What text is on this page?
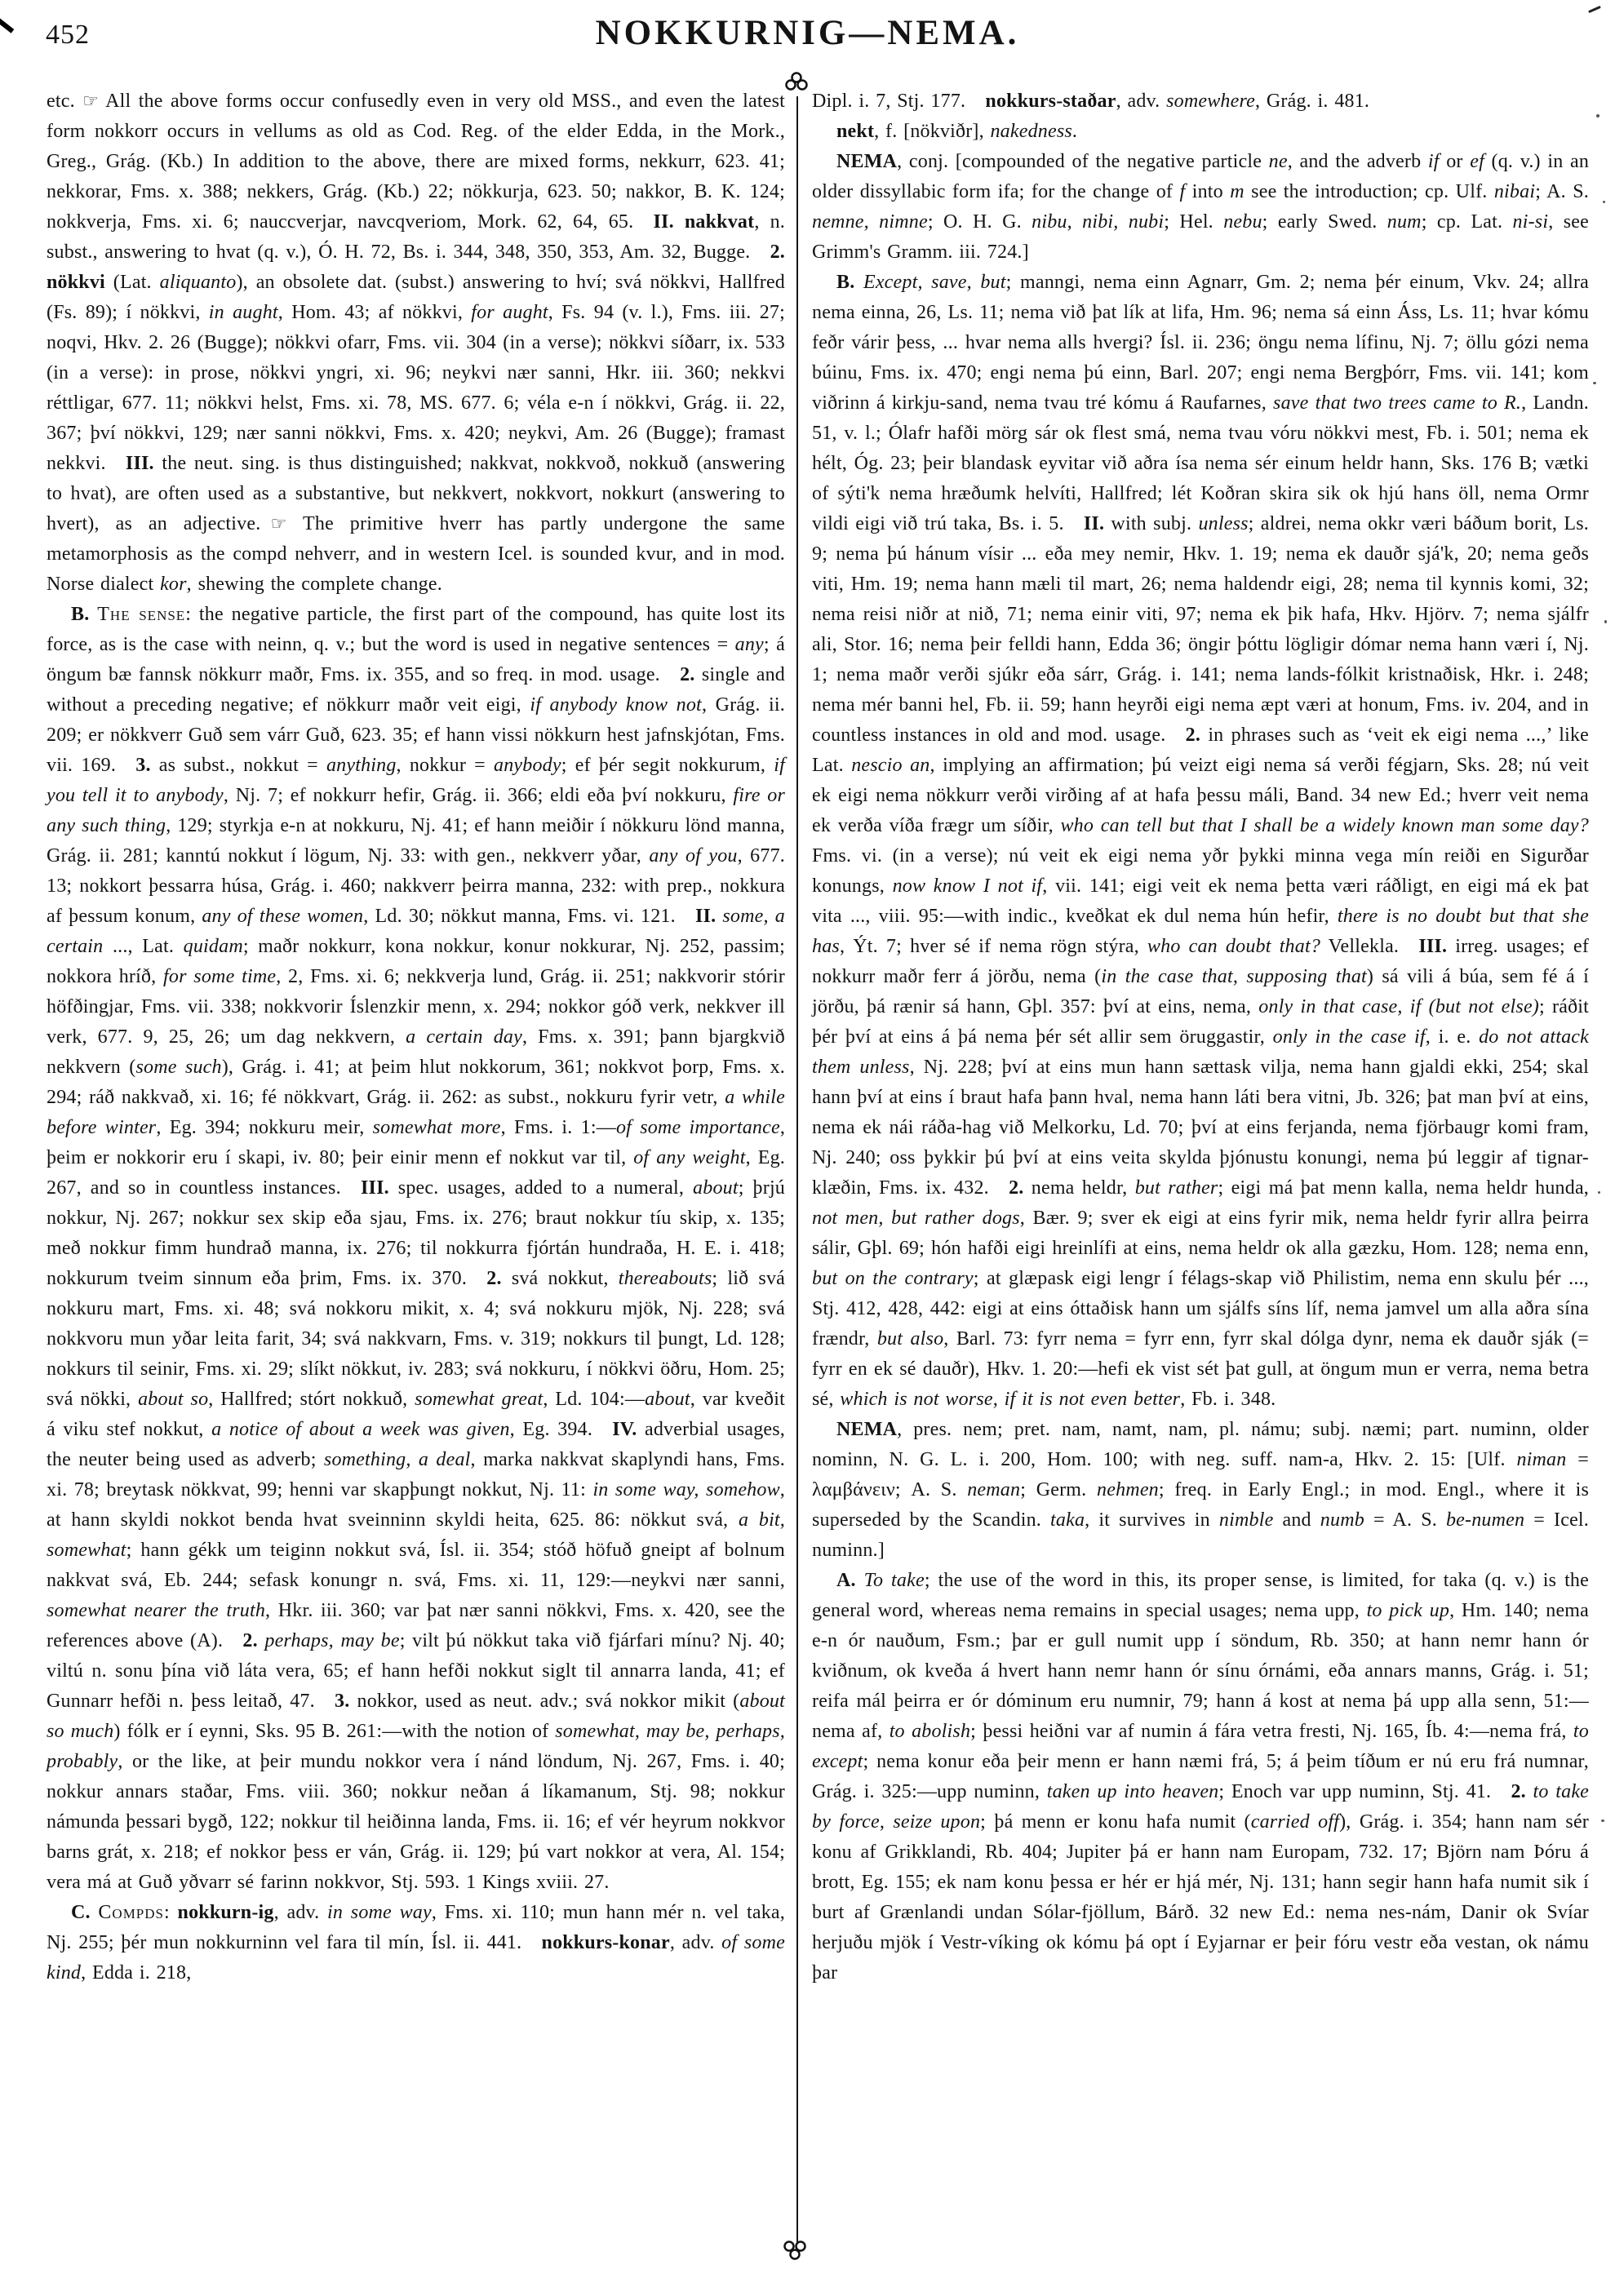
452	NOKKURNIG—NEMA.

etc. ☞ All the above forms occur confusedly even in very old MSS., and even the latest form nokkorr occurs in vellums as old as Cod. Reg. of the elder Edda, in the Mork., Greg., Grág. (Kb.) In addition to the above, there are mixed forms, nekkurr, 623. 41; nekkorar, Fms. x. 388; nekkers, Grág. (Kb.) 22; nökkurja, 623. 50; nakkor, B. K. 124; nokkverja, Fms. xi. 6; nauccverjar, navcqveriom, Mork. 62, 64, 65. II. nakkvat, n. subst., answering to hvat (q. v.), Ó. H. 72, Bs. i. 344, 348, 350, 353, Am. 32, Bugge. 2. nökkvi (Lat. aliquanto), an obsolete dat. (subst.) answering to hví; svá nökkvi, Hallfred (Fs. 89); í nökkvi, in aught, Hom. 43; af nökkvi, for aught, Fs. 94 (v. l.), Fms. iii. 27; noqvi, Hkv. 2. 26 (Bugge); nökkvi ofarr, Fms. vii. 304 (in a verse); nökkvi síðarr, ix. 533 (in a verse): in prose, nökkvi yngri, xi. 96; neykvi nær sanni, Hkr. iii. 360; nekkvi réttligar, 677. 11; nökkvi helst, Fms. xi. 78, MS. 677. 6; véla e-n í nökkvi, Grág. ii. 22, 367; því nökkvi, 129; nær sanni nökkvi, Fms. x. 420; neykvi, Am. 26 (Bugge); framast nekkvi. III. the neut. sing. is thus distinguished; nakkvat, nokkvoð, nokkuð (answering to hvat), are often used as a substantive, but nekkvert, nokkvort, nokkurt (answering to hvert), as an adjective. ☞ The primitive hverr has partly undergone the same metamorphosis as the compd nehverr, and in western Icel. is sounded kvur, and in mod. Norse dialect kor, shewing the complete change.

B. The sense: the negative particle, the first part of the compound, has quite lost its force, as is the case with neinn, q. v.; but the word is used in negative sentences = any; á öngum bæ fannsk nökkurr maðr, Fms. ix. 355, and so freq. in mod. usage. 2. single and without a preceding negative; ef nökkurr maðr veit eigi, if anybody know not, Grág. ii. 209; er nökkverr Guð sem várr Guð, 623. 35; ef hann vissi nökkurn hest jafnskjótan, Fms. vii. 169. 3. as subst., nokkut = anything, nokkur = anybody; ef þér segit nokkurum, if you tell it to anybody, Nj. 7; ef nokkurr hefir, Grág. ii. 366; eldi eða því nokkuru, fire or any such thing, 129; styrkja e-n at nokkuru, Nj. 41; ef hann meiðir í nökkuru lönd manna, Grág. ii. 281; kanntú nokkut í lögum, Nj. 33: with gen., nekkverr yðar, any of you, 677. 13; nokkort þessarra húsa, Grág. i. 460; nakkverr þeirra manna, 232: with prep., nokkura af þessum konum, any of these women, Ld. 30; nökkut manna, Fms. vi. 121. II. some, a certain ..., Lat. quidam; maðr nokkurr, kona nokkur, konur nokkurar, Nj. 252, passim; nokkora hríð, for some time, 2, Fms. xi. 6; nekkverja lund, Grág. ii. 251; nakkvorir stórir höfðingjar, Fms. vii. 338; nokkvorir Íslenzkir menn, x. 294; nokkor góð verk, nekkver ill verk, 677. 9, 25, 26; um dag nekkvern, a certain day, Fms. x. 391; þann bjargkvið nekkvern (some such), Grág. i. 41; at þeim hlut nokkorum, 361; nokkvot þorp, Fms. x. 294; ráð nakkvað, xi. 16; fé nökkvart, Grág. ii. 262: as subst., nokkuru fyrir vetr, a while before winter, Eg. 394; nokkuru meir, somewhat more, Fms. i. 1:—of some importance, þeim er nokkorir eru í skapi, iv. 80; þeir einir menn ef nokkut var til, of any weight, Eg. 267, and so in countless instances. III. spec. usages, added to a numeral, about; þrjú nokkur, Nj. 267; nokkur sex skip eða sjau, Fms. ix. 276; braut nokkur tíu skip, x. 135; með nokkur fimm hundrað manna, ix. 276; til nokkurra fjórtán hundraða, H. E. i. 418; nokkurum tveim sinnum eða þrim, Fms. ix. 370. 2. svá nokkut, thereabouts; lið svá nokkuru mart, Fms. xi. 48; svá nokkoru mikit, x. 4; svá nokkuru mjök, Nj. 228; svá nokkvoru mun yðar leita farit, 34; svá nakkvarn, Fms. v. 319; nokkurs til þungt, Ld. 128; nokkurs til seinir, Fms. xi. 29; slíkt nökkut, iv. 283; svá nokkuru, í nökkvi öðru, Hom. 25; svá nökki, about so, Hallfred; stórt nokkuð, somewhat great, Ld. 104:—about, var kveðit á viku stef nokkut, a notice of about a week was given, Eg. 394. IV. adverbial usages, the neuter being used as adverb; something, a deal, marka nakkvat skaplyndi hans, Fms. xi. 78; breytask nökkvat, 99; henni var skapþungt nokkut, Nj. 11: in some way, somehow, at hann skyldi nokkot benda hvat sveinninn skyldi heita, 625. 86: nökkut svá, a bit, somewhat; hann gékk um teiginn nokkut svá, Ísl. ii. 354; stóð höfuð gneipt af bolnum nakkvat svá, Eb. 244; sefask konungr n. svá, Fms. xi. 11, 129:—neykvi nær sanni, somewhat nearer the truth, Hkr. iii. 360; var þat nær sanni nökkvi, Fms. x. 420, see the references above (A). 2. perhaps, may be; vilt þú nökkut taka við fjárfari mínu? Nj. 40; viltú n. sonu þína við láta vera, 65; ef hann hefði nokkut siglt til annarra landa, 41; ef Gunnarr hefði n. þess leitað, 47. 3. nokkor, used as neut. adv.; svá nokkor mikit (about so much) fólk er í eynni, Sks. 95 B. 261:—with the notion of somewhat, may be, perhaps, probably, or the like, at þeir mundu nokkor vera í nánd löndum, Nj. 267, Fms. i. 40; nokkur annars staðar, Fms. viii. 360; nokkur neðan á líkamanum, Stj. 98; nokkur námunda þessari bygð, 122; nokkur til heiðinna landa, Fms. ii. 16; ef vér heyrum nokkvor barns grát, x. 218; ef nokkor þess er ván, Grág. ii. 129; þú vart nokkor at vera, Al. 154; vera má at Guð yðvarr sé farinn nokkvor, Stj. 593. 1 Kings xviii. 27.

C. Compds: nokkurn-ig, adv. in some way, Fms. xi. 110; mun hann mér n. vel taka, Nj. 255; þér mun nokkurninn vel fara til mín, Ísl. ii. 441. nokkurs-konar, adv. of some kind, Edda i. 218,

Dipl. i. 7, Stj. 177. nokkurs-staðar, adv. somewhere, Grág. i. 481.

nekt, f. [nökviðr], nakedness.

NEMA, conj. [compounded of the negative particle ne, and the adverb if or ef (q. v.) in an older dissyllabic form ifa; for the change of f into m see the introduction; cp. Ulf. nibai; A. S. nemne, nimne; O. H. G. nibu, nibi, nubi; Hel. nebu; early Swed. num; cp. Lat. ni-si, see Grimm's Gramm. iii. 724.]

B. Except, save, but; manngi, nema einn Agnarr, Gm. 2; nema þér einum, Vkv. 24; allra nema einna, 26, Ls. 11; nema við þat lík at lifa, Hm. 96; nema sá einn Áss, Ls. 11; hvar kómu feðr várir þess, ... hvar nema alls hvergi? Ísl. ii. 236; öngu nema lífinu, Nj. 7; öllu gózi nema búinu, Fms. ix. 470; engi nema þú einn, Barl. 207; engi nema Bergþórr, Fms. vii. 141; kom viðrinn á kirkju-sand, nema tvau tré kómu á Raufarnes, save that two trees came to R., Landn. 51, v. l.; Ólafr hafði mörg sár ok flest smá, nema tvau vóru nökkvi mest, Fb. i. 501; nema ek hélt, Óg. 23; þeir blandask eyvitar við aðra ísa nema sér einum heldr hann, Sks. 176 B; vætki of sýti'k nema hræðumk helvíti, Hallfred; lét Koðran skira sik ok hjú hans öll, nema Ormr vildi eigi við trú taka, Bs. i. 5. II. with subj. unless; aldrei, nema okkr væri báðum borit, Ls. 9; nema þú hánum vísir ... eða mey nemir, Hkv. 1. 19; nema ek dauðr sjá'k, 20; nema geðs viti, Hm. 19; nema hann mæli til mart, 26; nema haldendr eigi, 28; nema til kynnis komi, 32; nema reisi niðr at nið, 71; nema einir viti, 97; nema ek þik hafa, Hkv. Hjörv. 7; nema sjálfr ali, Stor. 16; nema þeir felldi hann, Edda 36; öngir þóttu lögligir dómar nema hann væri í, Nj. 1; nema maðr verði sjúkr eða sárr, Grág. i. 141; nema lands-fólkit kristnaðisk, Hkr. i. 248; nema mér banni hel, Fb. ii. 59; hann heyrði eigi nema æpt væri at honum, Fms. iv. 204, and in countless instances in old and mod. usage. 2. in phrases such as ‘veit ek eigi nema ...,’ like Lat. nescio an, implying an affirmation; þú veizt eigi nema sá verði fégjarn, Sks. 28; nú veit ek eigi nema nökkurr verði virðing af at hafa þessu máli, Band. 34 new Ed.; hverr veit nema ek verða víða frægr um síðir, who can tell but that I shall be a widely known man some day? Fms. vi. (in a verse); nú veit ek eigi nema yðr þykki minna vega mín reiði en Sigurðar konungs, now know I not if, vii. 141; eigi veit ek nema þetta væri ráðligt, en eigi má ek þat vita ..., viii. 95:—with indic., kveðkat ek dul nema hún hefir, there is no doubt but that she has, Ýt. 7; hver sé if nema rögn stýra, who can doubt that? Vellekla. III. irreg. usages; ef nokkurr maðr ferr á jörðu, nema (in the case that, supposing that) sá vili á búa, sem fé á í jörðu, þá rænir sá hann, Gþl. 357: því at eins, nema, only in that case, if (but not else); ráðit þér því at eins á þá nema þér sét allir sem öruggastir, only in the case if, i. e. do not attack them unless, Nj. 228; því at eins mun hann sættask vilja, nema hann gjaldi ekki, 254; skal hann því at eins í braut hafa þann hval, nema hann láti bera vitni, Jb. 326; þat man því at eins, nema ek nái ráða-hag við Melkorku, Ld. 70; því at eins ferjanda, nema fjörbaugr komi fram, Nj. 240; oss þykkir þú því at eins veita skylda þjónustu konungi, nema þú leggir af tignar-klæðin, Fms. ix. 432. 2. nema heldr, but rather; eigi má þat menn kalla, nema heldr hunda, not men, but rather dogs, Bær. 9; sver ek eigi at eins fyrir mik, nema heldr fyrir allra þeirra sálir, Gþl. 69; hón hafði eigi hreinlífi at eins, nema heldr ok alla gæzku, Hom. 128; nema enn, but on the contrary; at glæpask eigi lengr í félags-skap við Philistim, nema enn skulu þér ..., Stj. 412, 428, 442: eigi at eins óttaðisk hann um sjálfs síns líf, nema jamvel um alla aðra sína frændr, but also, Barl. 73: fyrr nema = fyrr enn, fyrr skal dólga dynr, nema ek dauðr sják (= fyrr en ek sé dauðr), Hkv. 1. 20:—hefi ek vist sét þat gull, at öngum mun er verra, nema betra sé, which is not worse, if it is not even better, Fb. i. 348.

NEMA, pres. nem; pret. nam, namt, nam, pl. námu; subj. næmi; part. numinn, older nominn, N. G. L. i. 200, Hom. 100; with neg. suff. nam-a, Hkv. 2. 15: [Ulf. niman = λαμβάνειν; A. S. neman; Germ. nehmen; freq. in Early Engl.; in mod. Engl., where it is superseded by the Scandin. taka, it survives in nimble and numb = A. S. be-numen = Icel. numinn.]

A. To take; the use of the word in this, its proper sense, is limited, for taka (q. v.) is the general word, whereas nema remains in special usages; nema upp, to pick up, Hm. 140; nema e-n ór nauðum, Fsm.; þar er gull numit upp í söndum, Rb. 350; at hann nemr hann ór kviðnum, ok kveða á hvert hann nemr hann ór sínu órnámi, eða annars manns, Grág. i. 51; reifa mál þeirra er ór dóminum eru numnir, 79; hann á kost at nema þá upp alla senn, 51:—nema af, to abolish; þessi heiðni var af numin á fára vetra fresti, Nj. 165, Íb. 4:—nema frá, to except; nema konur eða þeir menn er hann næmi frá, 5; á þeim tíðum er nú eru frá numnar, Grág. i. 325:—upp numinn, taken up into heaven; Enoch var upp numinn, Stj. 41. 2. to take by force, seize upon; þá menn er konu hafa numit (carried off), Grág. i. 354; hann nam sér konu af Grikklandi, Rb. 404; Jupiter þá er hann nam Europam, 732. 17; Björn nam Þóru á brott, Eg. 155; ek nam konu þessa er hér er hjá mér, Nj. 131; hann segir hann hafa numit sik í burt af Grænlandi undan Sólar-fjöllum, Bárð. 32 new Ed.: nema nes-nám, Danir ok Svíar herjuðu mjök í Vestr-víking ok kómu þá opt í Eyjarnar er þeir fóru vestr eða vestan, ok námu þar
